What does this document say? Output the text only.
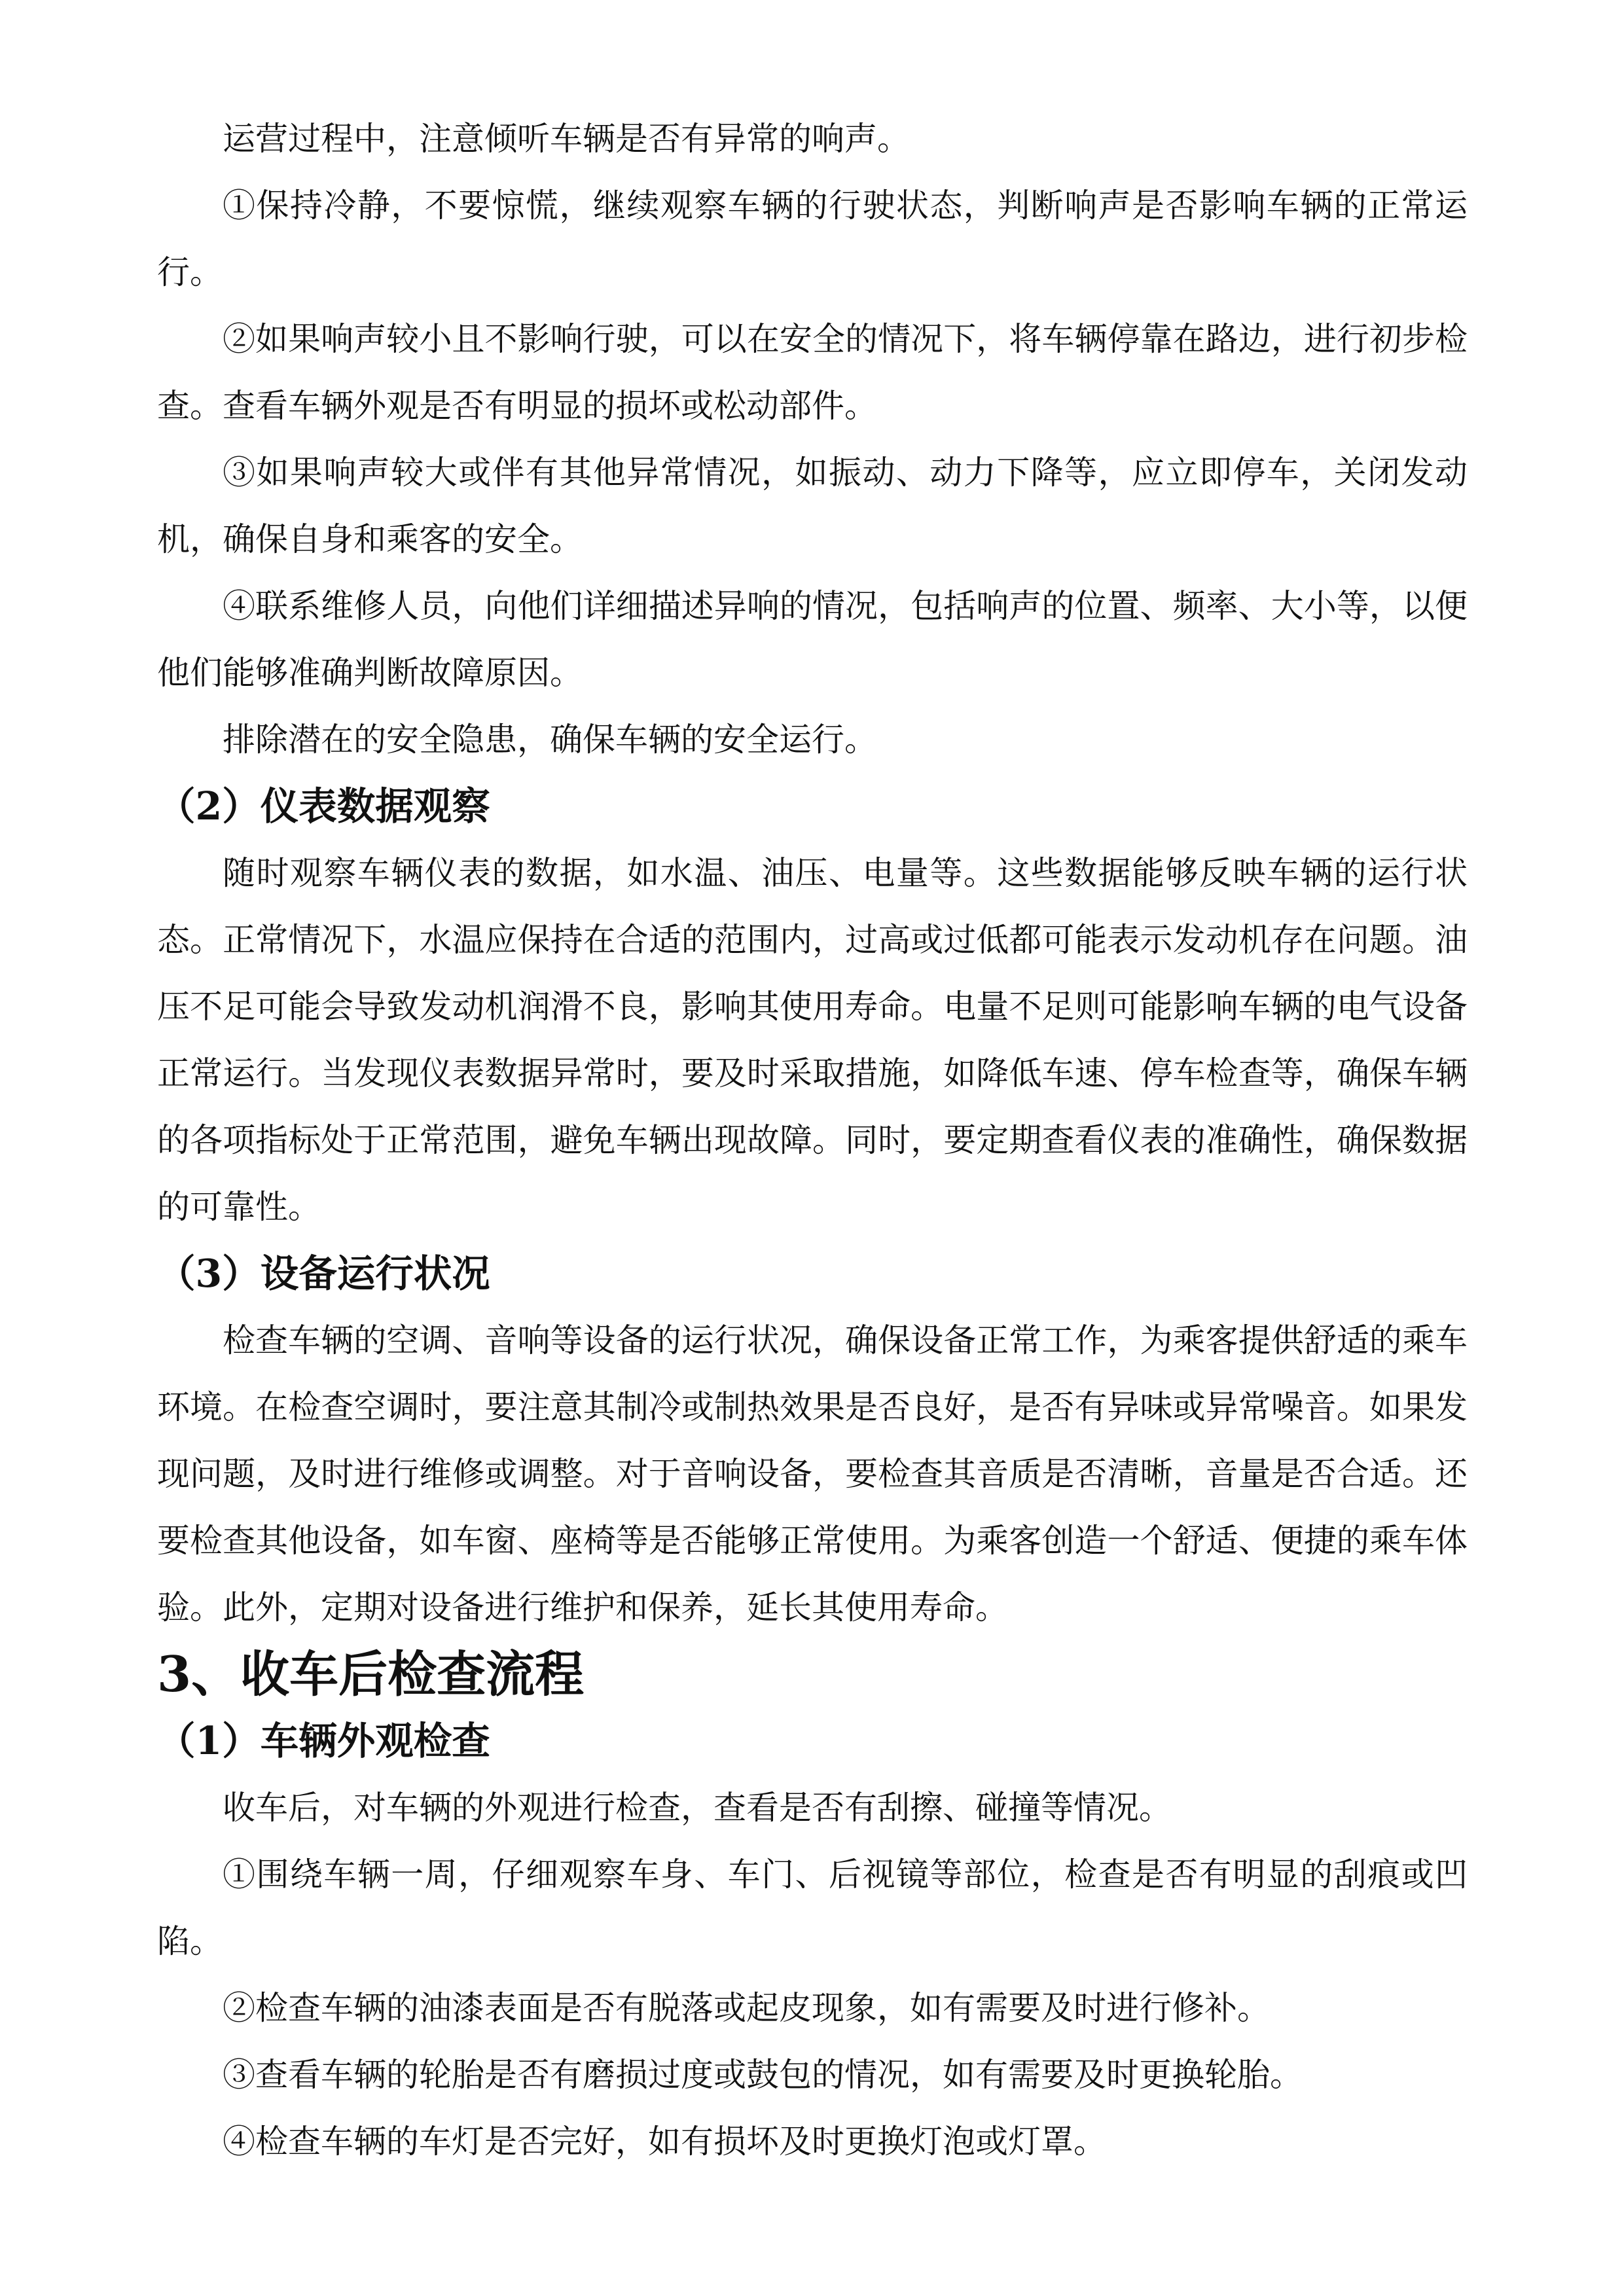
运营过程中，注意倾听车辆是否有异常的响声。

①保持冷静，不要惊慌，继续观察车辆的行驶状态，判断响声是否影响车辆的正常运行。

②如果响声较小且不影响行驶，可以在安全的情况下，将车辆停靠在路边，进行初步检查。查看车辆外观是否有明显的损坏或松动部件。

③如果响声较大或伴有其他异常情况，如振动、动力下降等，应立即停车，关闭发动机，确保自身和乘客的安全。

④联系维修人员，向他们详细描述异响的情况，包括响声的位置、频率、大小等，以便他们能够准确判断故障原因。

排除潜在的安全隐患，确保车辆的安全运行。

（2）仪表数据观察

随时观察车辆仪表的数据，如水温、油压、电量等。这些数据能够反映车辆的运行状态。正常情况下，水温应保持在合适的范围内，过高或过低都可能表示发动机存在问题。油压不足可能会导致发动机润滑不良，影响其使用寿命。电量不足则可能影响车辆的电气设备正常运行。当发现仪表数据异常时，要及时采取措施，如降低车速、停车检查等，确保车辆的各项指标处于正常范围，避免车辆出现故障。同时，要定期查看仪表的准确性，确保数据的可靠性。

（3）设备运行状况

检查车辆的空调、音响等设备的运行状况，确保设备正常工作，为乘客提供舒适的乘车环境。在检查空调时，要注意其制冷或制热效果是否良好，是否有异味或异常噪音。如果发现问题，及时进行维修或调整。对于音响设备，要检查其音质是否清晰，音量是否合适。还要检查其他设备，如车窗、座椅等是否能够正常使用。为乘客创造一个舒适、便捷的乘车体验。此外，定期对设备进行维护和保养，延长其使用寿命。

3、收车后检查流程
（1）车辆外观检查

收车后，对车辆的外观进行检查，查看是否有刮擦、碰撞等情况。

①围绕车辆一周，仔细观察车身、车门、后视镜等部位，检查是否有明显的刮痕或凹陷。

②检查车辆的油漆表面是否有脱落或起皮现象，如有需要及时进行修补。

③查看车辆的轮胎是否有磨损过度或鼓包的情况，如有需要及时更换轮胎。

④检查车辆的车灯是否完好，如有损坏及时更换灯泡或灯罩。
